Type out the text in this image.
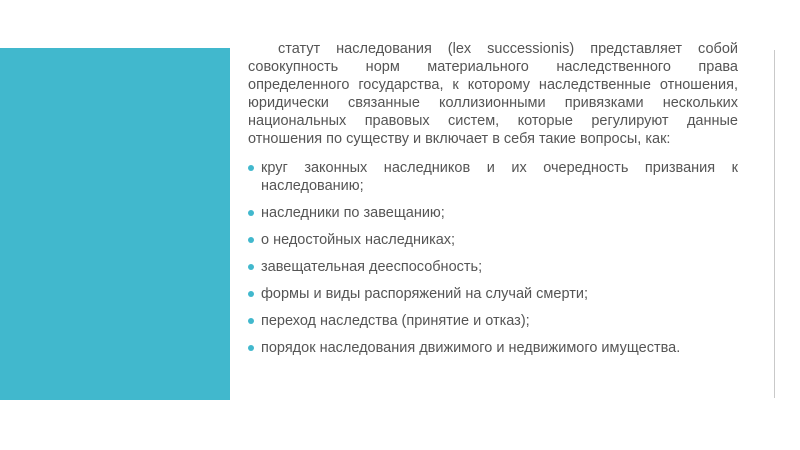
статут наследования (lex successionis) представляет собой совокупность норм материального наследственного права определенного государства, к которому наследственные отношения, юридически связанные коллизионными привязками нескольких национальных правовых систем, которые регулируют данные отношения по существу и включает в себя такие вопросы, как:

круг законных наследников и их очередность призвания к наследованию;
наследники по завещанию;
о недостойных наследниках;
завещательная дееспособность;
формы и виды распоряжений на случай смерти;
переход наследства (принятие и отказ);
порядок наследования движимого и недвижимого имущества.
